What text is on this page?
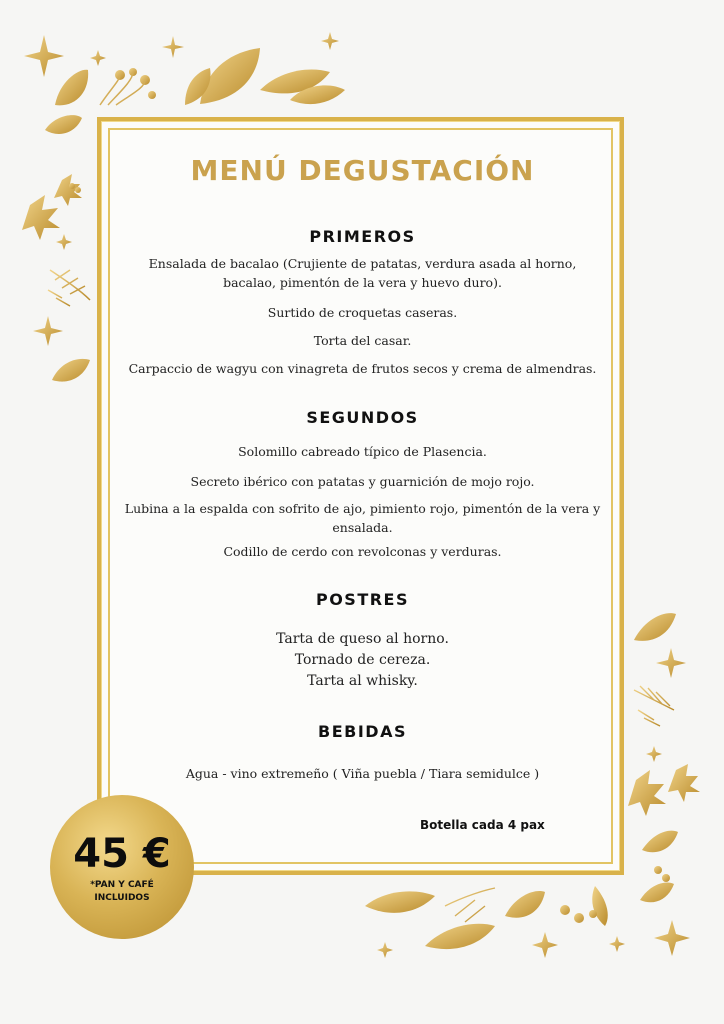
MENÚ DEGUSTACIÓN
PRIMEROS
Ensalada de bacalao (Crujiente de patatas, verdura asada al horno, bacalao, pimentón de la vera y huevo duro).
Surtido de croquetas caseras.
Torta del casar.
Carpaccio de wagyu con vinagreta de frutos secos y crema de almendras.
SEGUNDOS
Solomillo cabreado típico de Plasencia.
Secreto ibérico con patatas y guarnición de mojo rojo.
Lubina a la espalda con sofrito de ajo, pimiento rojo, pimentón de la vera y ensalada.
Codillo de cerdo con revolconas y verduras.
POSTRES
Tarta de queso al horno.
Tornado de cereza.
Tarta al whisky.
BEBIDAS
Agua - vino extremeño ( Viña puebla / Tiara semidulce )
Botella cada 4 pax
45 €
*PAN Y CAFÉ
INCLUIDOS
